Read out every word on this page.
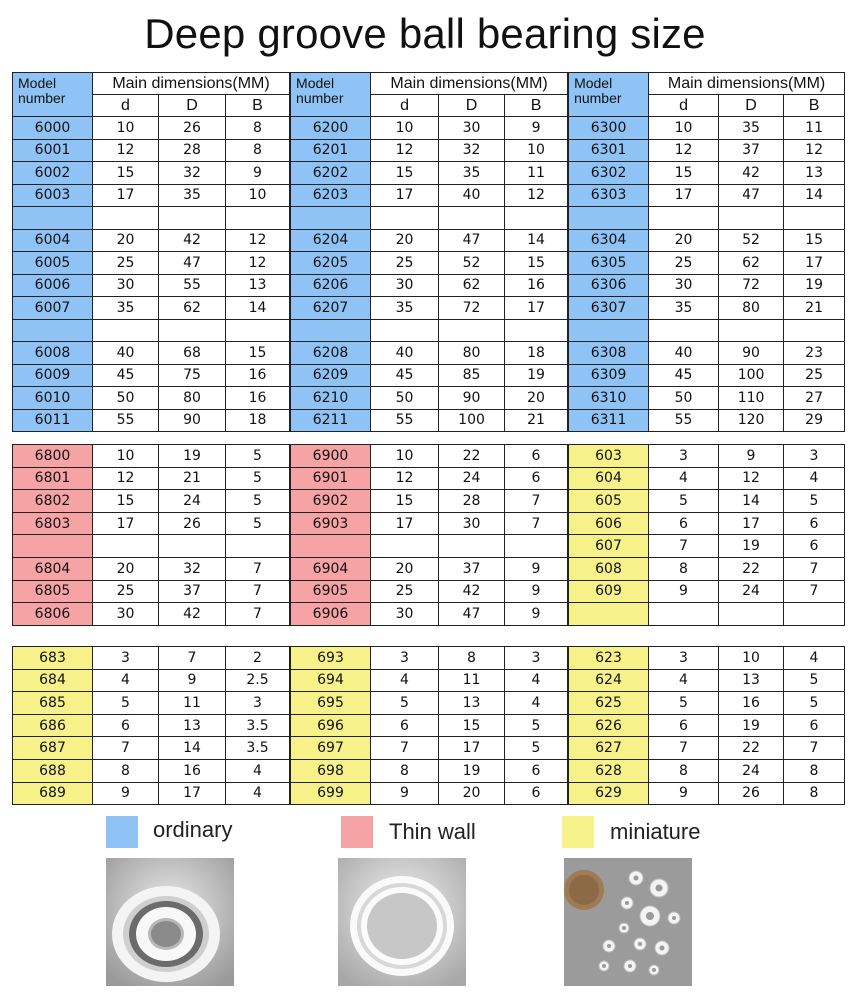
Deep groove ball bearing size
Model
number	Main dimensions(MM)		
	d	D	B
6000	10	26	8
6001	12	28	8
6002	15	32	9
6003	17	35	10

6004	20	42	12
6005	25	47	12
6006	30	55	13
6007	35	62	14

6008	40	68	15
6009	45	75	16
6010	50	80	16
6011	55	90	18
Model
number	Main dimensions(MM)		
	d	D	B
6200	10	30	9
6201	12	32	10
6202	15	35	11
6203	17	40	12

6204	20	47	14
6205	25	52	15
6206	30	62	16
6207	35	72	17

6208	40	80	18
6209	45	85	19
6210	50	90	20
6211	55	100	21
Model
number	Main dimensions(MM)		
	d	D	B
6300	10	35	11
6301	12	37	12
6302	15	42	13
6303	17	47	14

6304	20	52	15
6305	25	62	17
6306	30	72	19
6307	35	80	21

6308	40	90	23
6309	45	100	25
6310	50	110	27
6311	55	120	29
6800	10	19	5
6801	12	21	5
6802	15	24	5
6803	17	26	5

6804	20	32	7
6805	25	37	7
6806	30	42	7
6900	10	22	6
6901	12	24	6
6902	15	28	7
6903	17	30	7

6904	20	37	9
6905	25	42	9
6906	30	47	9
603	3	9	3
604	4	12	4
605	5	14	5
606	6	17	6
607	7	19	6
608	8	22	7
609	9	24	7

683	3	7	2
684	4	9	2.5
685	5	11	3
686	6	13	3.5
687	7	14	3.5
688	8	16	4
689	9	17	4
693	3	8	3
694	4	11	4
695	5	13	4
696	6	15	5
697	7	17	5
698	8	19	6
699	9	20	6
623	3	10	4
624	4	13	5
625	5	16	5
626	6	19	6
627	7	22	7
628	8	24	8
629	9	26	8
ordinary	Thin wall	miniature
